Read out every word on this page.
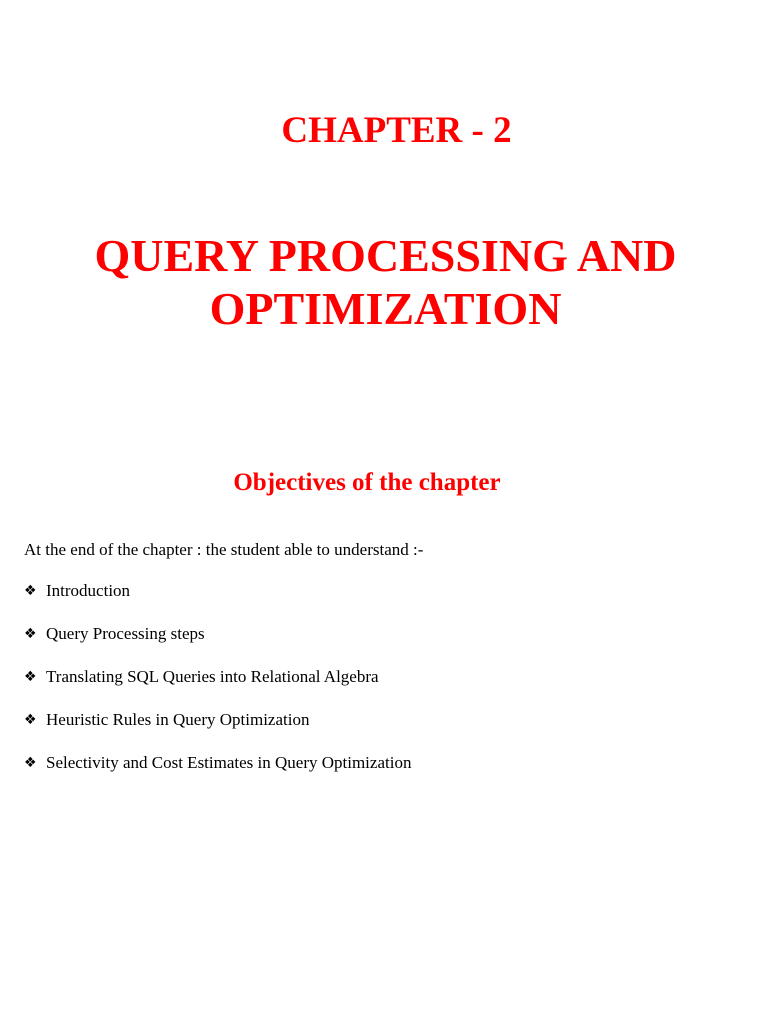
CHAPTER - 2
QUERY PROCESSING AND
OPTIMIZATION
Objectives of the chapter

At the end of the chapter : the student able to understand :-

❖ Introduction
❖ Query Processing steps
❖ Translating SQL Queries into Relational Algebra
❖ Heuristic Rules in Query Optimization
❖ Selectivity and Cost Estimates in Query Optimization
